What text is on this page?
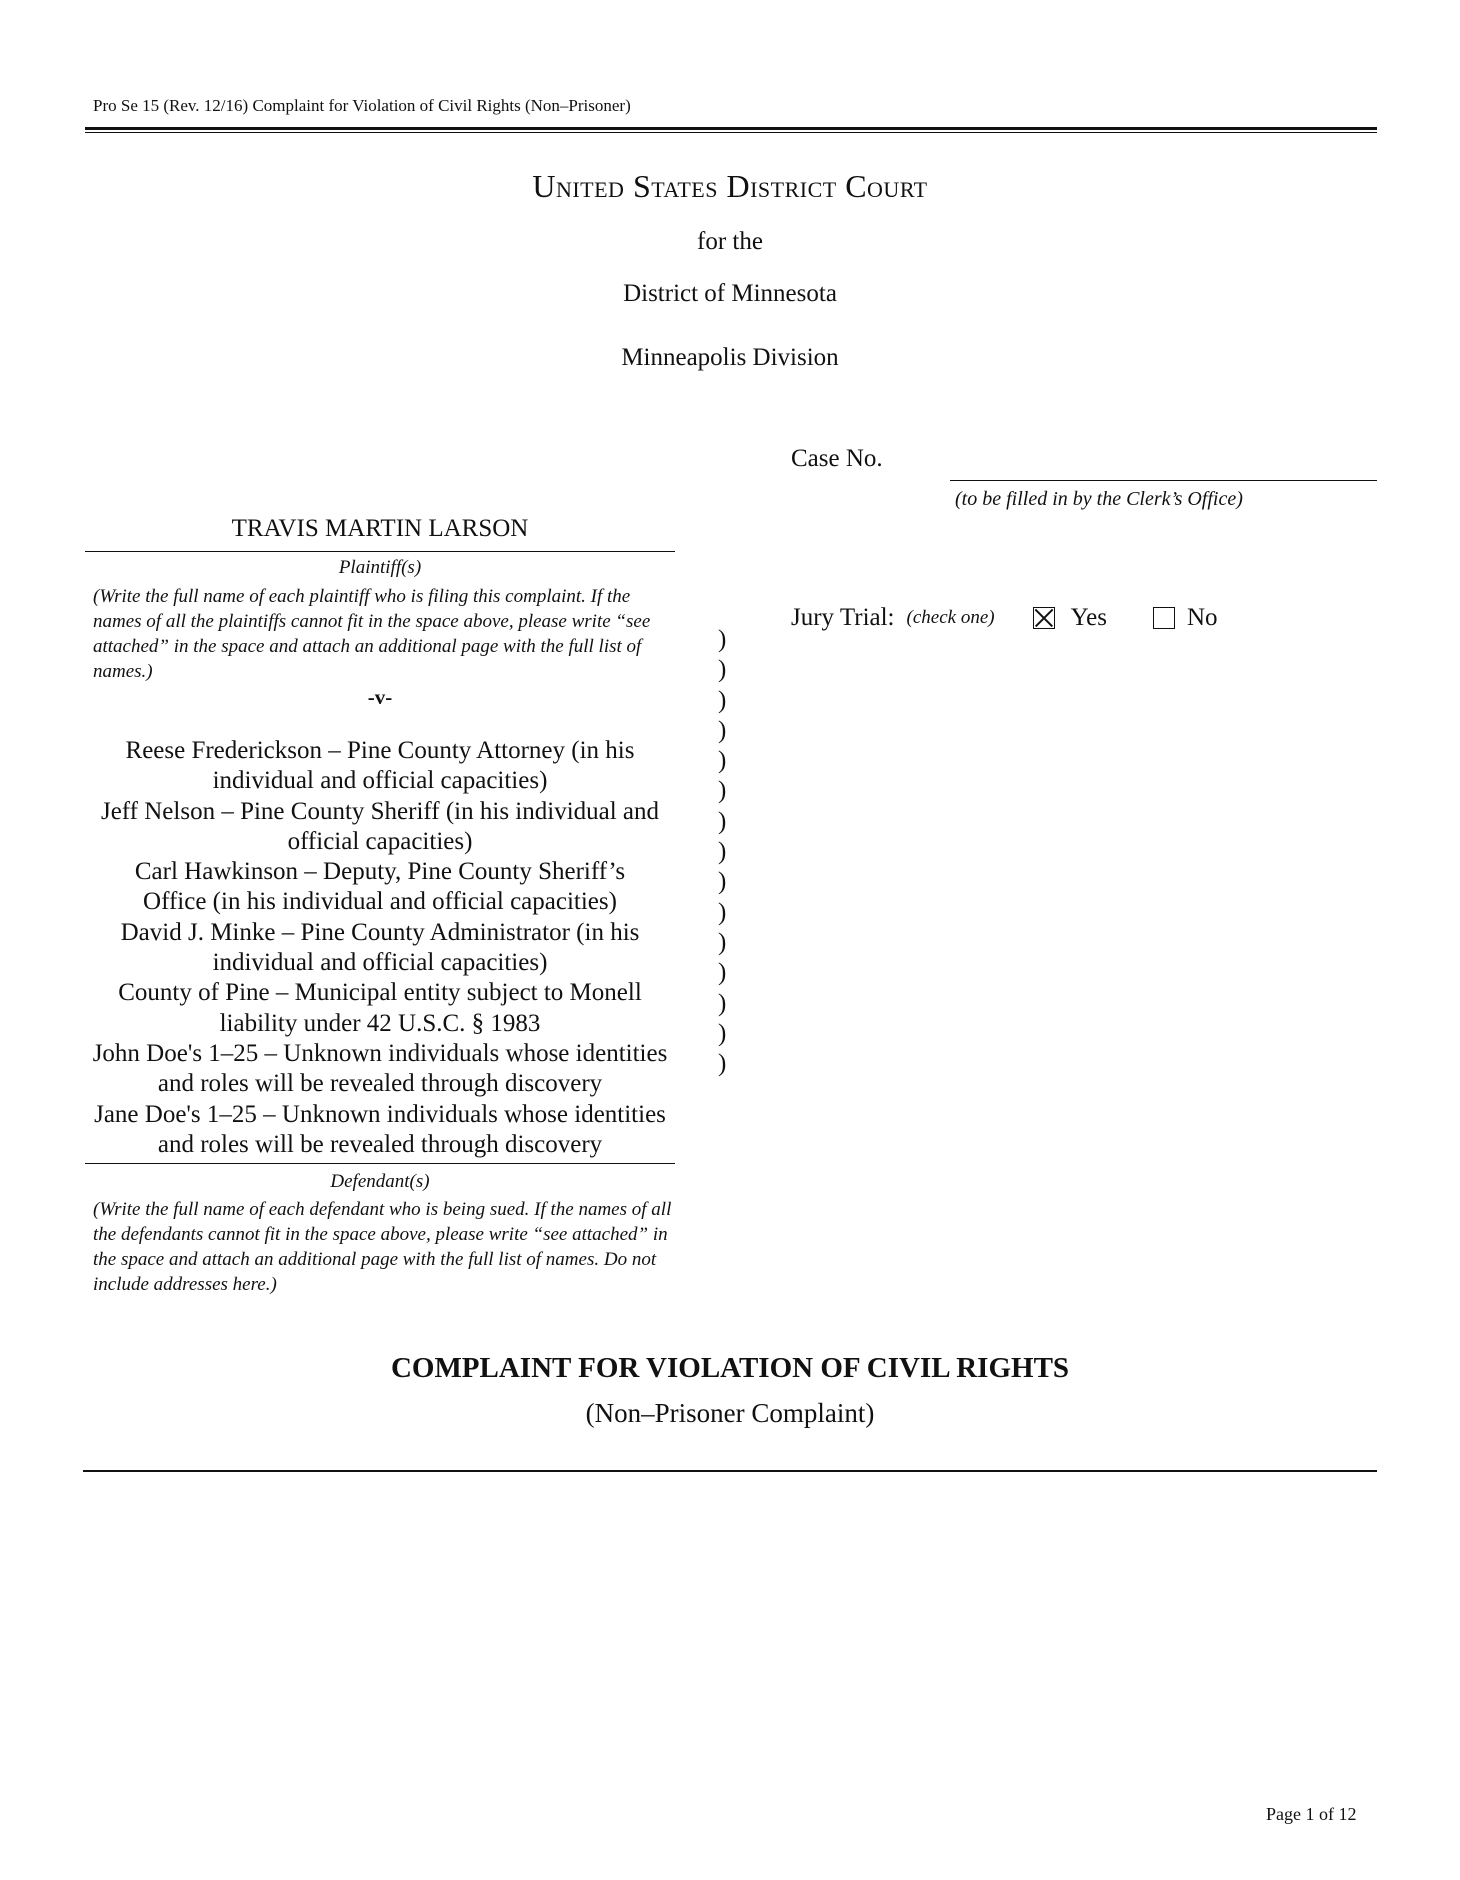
Pro Se 15 (Rev. 12/16) Complaint for Violation of Civil Rights (Non–Prisoner)
United States District Court
for the
District of Minnesota
Minneapolis Division
Case No.
(to be filled in by the Clerk’s Office)
Jury Trial: (check one)	Yes	No
TRAVIS MARTIN LARSON
Plaintiff(s)
(Write the full name of each plaintiff who is filing this complaint. If the names of all the plaintiffs cannot fit in the space above, please write “see attached” in the space and attach an additional page with the full list of names.)
-v-

Reese Frederickson – Pine County Attorney (in his individual and official capacities)

Jeff Nelson – Pine County Sheriff (in his individual and official capacities)

Carl Hawkinson – Deputy, Pine County Sheriff’s Office (in his individual and official capacities)

David J. Minke – Pine County Administrator (in his individual and official capacities)

County of Pine – Municipal entity subject to Monell liability under 42 U.S.C. § 1983

John Doe's 1–25 – Unknown individuals whose identities and roles will be revealed through discovery

Jane Doe's 1–25 – Unknown individuals whose identities and roles will be revealed through discovery

Defendant(s)
(Write the full name of each defendant who is being sued. If the names of all the defendants cannot fit in the space above, please write “see attached” in the space and attach an additional page with the full list of names. Do not include addresses here.)
)
)
)
)
)
)
)
)
)
)
)
)
)
)
)
COMPLAINT FOR VIOLATION OF CIVIL RIGHTS
(Non–Prisoner Complaint)
Page 1 of 12
